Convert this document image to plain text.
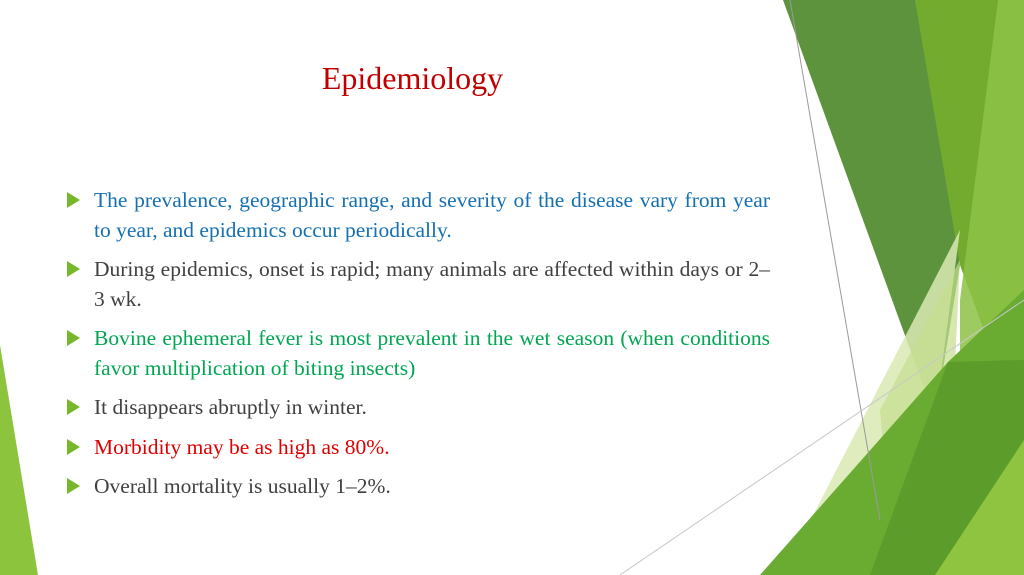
Epidemiology
The prevalence, geographic range, and severity of the disease vary from year to year, and epidemics occur periodically.
During epidemics, onset is rapid; many animals are affected within days or 2–3 wk.
Bovine ephemeral fever is most prevalent in the wet season (when conditions favor multiplication of biting insects)
It disappears abruptly in winter.
Morbidity may be as high as 80%.
Overall mortality is usually 1–2%.
